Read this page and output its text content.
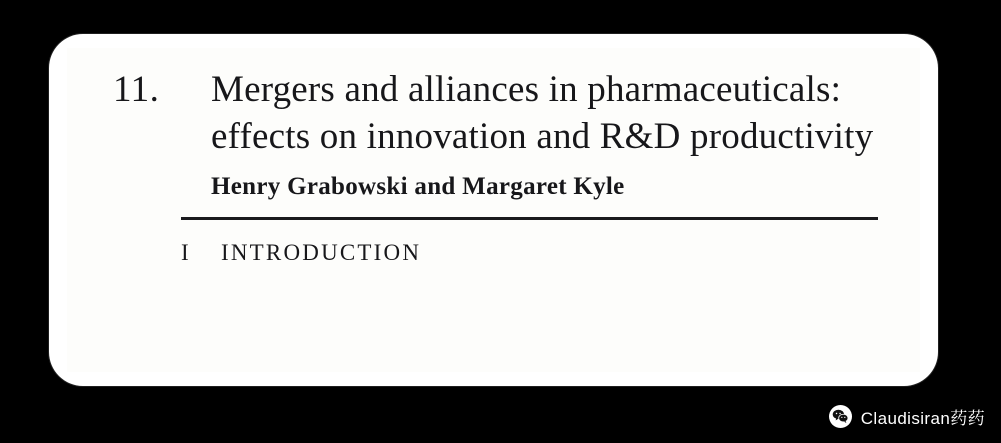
11.	Mergers and alliances in pharmaceuticals: effects on innovation and R&D productivity
Henry Grabowski and Margaret Kyle
I	INTRODUCTION
Claudisiran药药
